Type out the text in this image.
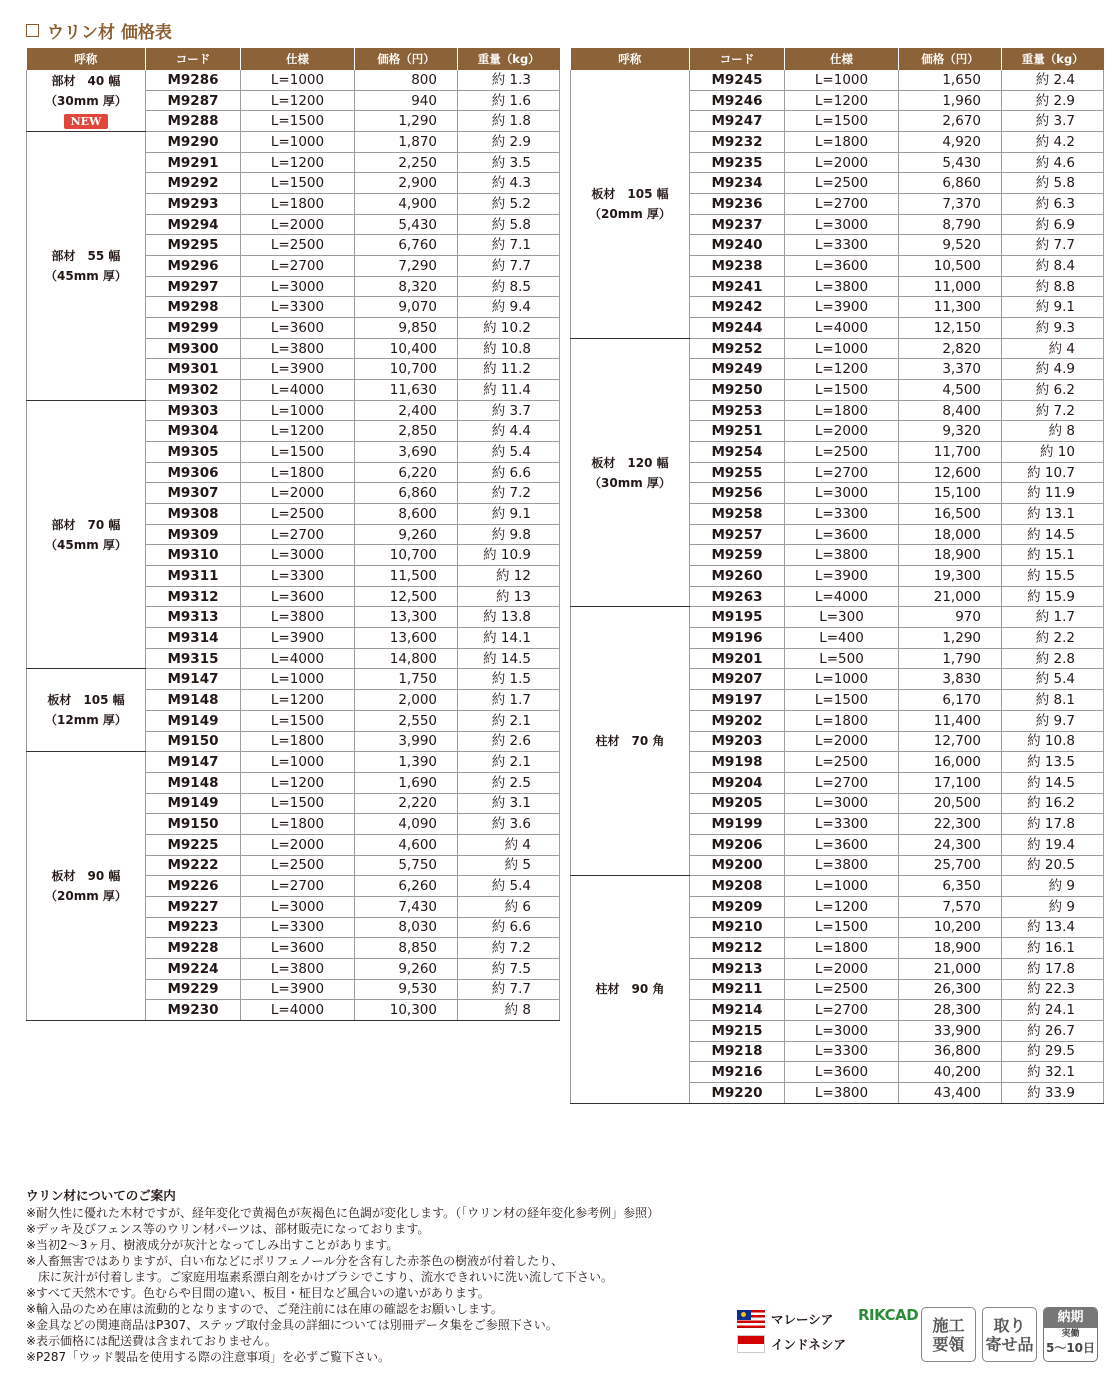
ウリン材 価格表
呼称	コード	仕様	価格（円）	重量（kg）

部材　40 幅
（30mm 厚）
NEW	M9286	L=1000	800	約 1.3
	M9287	L=1200	940	約 1.6
	M9288	L=1500	1,290	約 1.8

部材　55 幅
（45mm 厚）	M9290	L=1000	1,870	約 2.9
	M9291	L=1200	2,250	約 3.5
	M9292	L=1500	2,900	約 4.3
	M9293	L=1800	4,900	約 5.2
	M9294	L=2000	5,430	約 5.8
	M9295	L=2500	6,760	約 7.1
	M9296	L=2700	7,290	約 7.7
	M9297	L=3000	8,320	約 8.5
	M9298	L=3300	9,070	約 9.4
	M9299	L=3600	9,850	約 10.2
	M9300	L=3800	10,400	約 10.8
	M9301	L=3900	10,700	約 11.2
	M9302	L=4000	11,630	約 11.4

部材　70 幅
（45mm 厚）	M9303	L=1000	2,400	約 3.7
	M9304	L=1200	2,850	約 4.4
	M9305	L=1500	3,690	約 5.4
	M9306	L=1800	6,220	約 6.6
	M9307	L=2000	6,860	約 7.2
	M9308	L=2500	8,600	約 9.1
	M9309	L=2700	9,260	約 9.8
	M9310	L=3000	10,700	約 10.9
	M9311	L=3300	11,500	約 12
	M9312	L=3600	12,500	約 13
	M9313	L=3800	13,300	約 13.8
	M9314	L=3900	13,600	約 14.1
	M9315	L=4000	14,800	約 14.5

板材　105 幅
（12mm 厚）	M9147	L=1000	1,750	約 1.5
	M9148	L=1200	2,000	約 1.7
	M9149	L=1500	2,550	約 2.1
	M9150	L=1800	3,990	約 2.6

板材　90 幅
（20mm 厚）	M9147	L=1000	1,390	約 2.1
	M9148	L=1200	1,690	約 2.5
	M9149	L=1500	2,220	約 3.1
	M9150	L=1800	4,090	約 3.6
	M9225	L=2000	4,600	約 4
	M9222	L=2500	5,750	約 5
	M9226	L=2700	6,260	約 5.4
	M9227	L=3000	7,430	約 6
	M9223	L=3300	8,030	約 6.6
	M9228	L=3600	8,850	約 7.2
	M9224	L=3800	9,260	約 7.5
	M9229	L=3900	9,530	約 7.7
	M9230	L=4000	10,300	約 8
呼称	コード	仕様	価格（円）	重量（kg）

板材　105 幅
（20mm 厚）	M9245	L=1000	1,650	約 2.4
	M9246	L=1200	1,960	約 2.9
	M9247	L=1500	2,670	約 3.7
	M9232	L=1800	4,920	約 4.2
	M9235	L=2000	5,430	約 4.6
	M9234	L=2500	6,860	約 5.8
	M9236	L=2700	7,370	約 6.3
	M9237	L=3000	8,790	約 6.9
	M9240	L=3300	9,520	約 7.7
	M9238	L=3600	10,500	約 8.4
	M9241	L=3800	11,000	約 8.8
	M9242	L=3900	11,300	約 9.1
	M9244	L=4000	12,150	約 9.3

板材　120 幅
（30mm 厚）	M9252	L=1000	2,820	約 4
	M9249	L=1200	3,370	約 4.9
	M9250	L=1500	4,500	約 6.2
	M9253	L=1800	8,400	約 7.2
	M9251	L=2000	9,320	約 8
	M9254	L=2500	11,700	約 10
	M9255	L=2700	12,600	約 10.7
	M9256	L=3000	15,100	約 11.9
	M9258	L=3300	16,500	約 13.1
	M9257	L=3600	18,000	約 14.5
	M9259	L=3800	18,900	約 15.1
	M9260	L=3900	19,300	約 15.5
	M9263	L=4000	21,000	約 15.9

柱材　70 角	M9195	L=300	970	約 1.7
	M9196	L=400	1,290	約 2.2
	M9201	L=500	1,790	約 2.8
	M9207	L=1000	3,830	約 5.4
	M9197	L=1500	6,170	約 8.1
	M9202	L=1800	11,400	約 9.7
	M9203	L=2000	12,700	約 10.8
	M9198	L=2500	16,000	約 13.5
	M9204	L=2700	17,100	約 14.5
	M9205	L=3000	20,500	約 16.2
	M9199	L=3300	22,300	約 17.8
	M9206	L=3600	24,300	約 19.4
	M9200	L=3800	25,700	約 20.5

柱材　90 角	M9208	L=1000	6,350	約 9
	M9209	L=1200	7,570	約 9
	M9210	L=1500	10,200	約 13.4
	M9212	L=1800	18,900	約 16.1
	M9213	L=2000	21,000	約 17.8
	M9211	L=2500	26,300	約 22.3
	M9214	L=2700	28,300	約 24.1
	M9215	L=3000	33,900	約 26.7
	M9218	L=3300	36,800	約 29.5
	M9216	L=3600	40,200	約 32.1
	M9220	L=3800	43,400	約 33.9
ウリン材についてのご案内
※耐久性に優れた木材ですが、経年変化で黄褐色が灰褐色に色調が変化します。（「ウリン材の経年変化参考例」参照）
※デッキ及びフェンス等のウリン材パーツは、部材販売になっております。
※当初2～3ヶ月、樹液成分が灰汁となってしみ出すことがあります。
※人畜無害ではありますが、白い布などにポリフェノール分を含有した赤茶色の樹液が付着したり、
　床に灰汁が付着します。ご家庭用塩素系漂白剤をかけブラシでこすり、流水できれいに洗い流して下さい。
※すべて天然木です。色むらや目間の違い、板目・柾目など風合いの違いがあります。
※輸入品のため在庫は流動的となりますので、ご発注前には在庫の確認をお願いします。
※金具などの関連商品はP307、ステップ取付金具の詳細については別冊データ集をご参照下さい。
※表示価格には配送費は含まれておりません。
※P287「ウッド製品を使用する際の注意事項」を必ずご覧下さい。
マレーシア
インドネシア
RIKCAD
施工
要領
取り
寄せ品
納期
実働
5～10日
